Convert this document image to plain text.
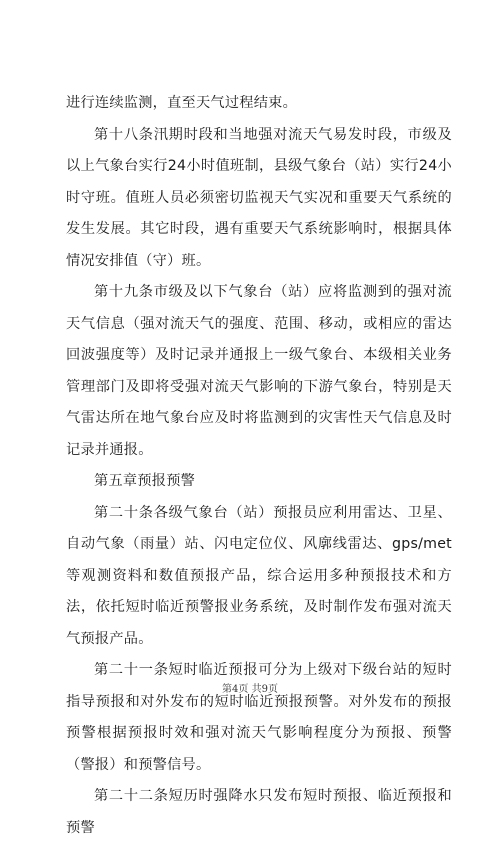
进行连续监测，直至天气过程结束。

第十八条汛期时段和当地强对流天气易发时段，市级及以上气象台实行24小时值班制，县级气象台（站）实行24小时守班。值班人员必须密切监视天气实况和重要天气系统的发生发展。其它时段，遇有重要天气系统影响时，根据具体情况安排值（守）班。

第十九条市级及以下气象台（站）应将监测到的强对流天气信息（强对流天气的强度、范围、移动，或相应的雷达回波强度等）及时记录并通报上一级气象台、本级相关业务管理部门及即将受强对流天气影响的下游气象台，特别是天气雷达所在地气象台应及时将监测到的灾害性天气信息及时记录并通报。

第五章预报预警

第二十条各级气象台（站）预报员应利用雷达、卫星、自动气象（雨量）站、闪电定位仪、风廓线雷达、gps/met等观测资料和数值预报产品，综合运用多种预报技术和方法，依托短时临近预警报业务系统，及时制作发布强对流天气预报产品。

第二十一条短时临近预报可分为上级对下级台站的短时指导预报和对外发布的短时临近预报预警。对外发布的预报预警根据预报时效和强对流天气影响程度分为预报、预警（警报）和预警信号。

第二十二条短历时强降水只发布短时预报、临近预报和预警

第4页 共9页
